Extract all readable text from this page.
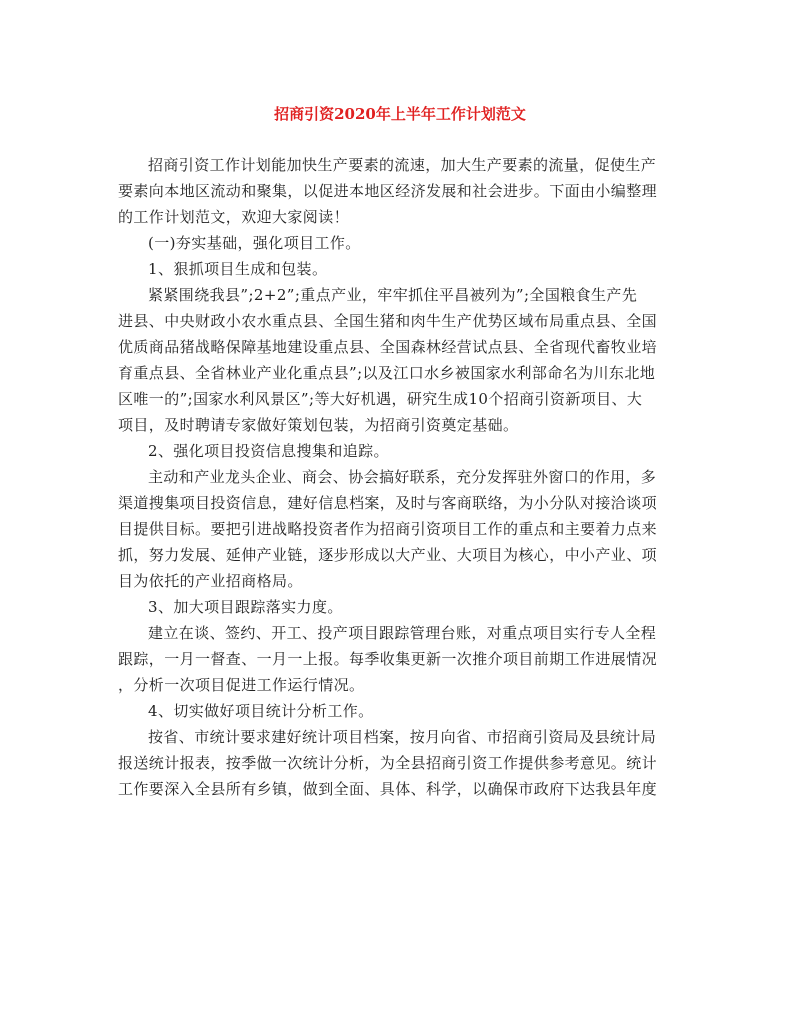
招商引资2020年上半年工作计划范文
招商引资工作计划能加快生产要素的流速，加大生产要素的流量，促使生产
要素向本地区流动和聚集，以促进本地区经济发展和社会进步。下面由小编整理
的工作计划范文，欢迎大家阅读！
(一)夯实基础，强化项目工作。
1、狠抓项目生成和包装。
紧紧围绕我县”;2+2”;重点产业，牢牢抓住平昌被列为”;全国粮食生产先
进县、中央财政小农水重点县、全国生猪和肉牛生产优势区域布局重点县、全国
优质商品猪战略保障基地建设重点县、全国森林经营试点县、全省现代畜牧业培
育重点县、全省林业产业化重点县”;以及江口水乡被国家水利部命名为川东北地
区唯一的”;国家水利风景区”;等大好机遇，研究生成10个招商引资新项目、大
项目，及时聘请专家做好策划包装，为招商引资奠定基础。
2、强化项目投资信息搜集和追踪。
主动和产业龙头企业、商会、协会搞好联系，充分发挥驻外窗口的作用，多
渠道搜集项目投资信息，建好信息档案，及时与客商联络，为小分队对接洽谈项
目提供目标。要把引进战略投资者作为招商引资项目工作的重点和主要着力点来
抓，努力发展、延伸产业链，逐步形成以大产业、大项目为核心，中小产业、项
目为依托的产业招商格局。
3、加大项目跟踪落实力度。
建立在谈、签约、开工、投产项目跟踪管理台账，对重点项目实行专人全程
跟踪，一月一督查、一月一上报。每季收集更新一次推介项目前期工作进展情况
，分析一次项目促进工作运行情况。
4、切实做好项目统计分析工作。
按省、市统计要求建好统计项目档案，按月向省、市招商引资局及县统计局
报送统计报表，按季做一次统计分析，为全县招商引资工作提供参考意见。统计
工作要深入全县所有乡镇，做到全面、具体、科学，以确保市政府下达我县年度
